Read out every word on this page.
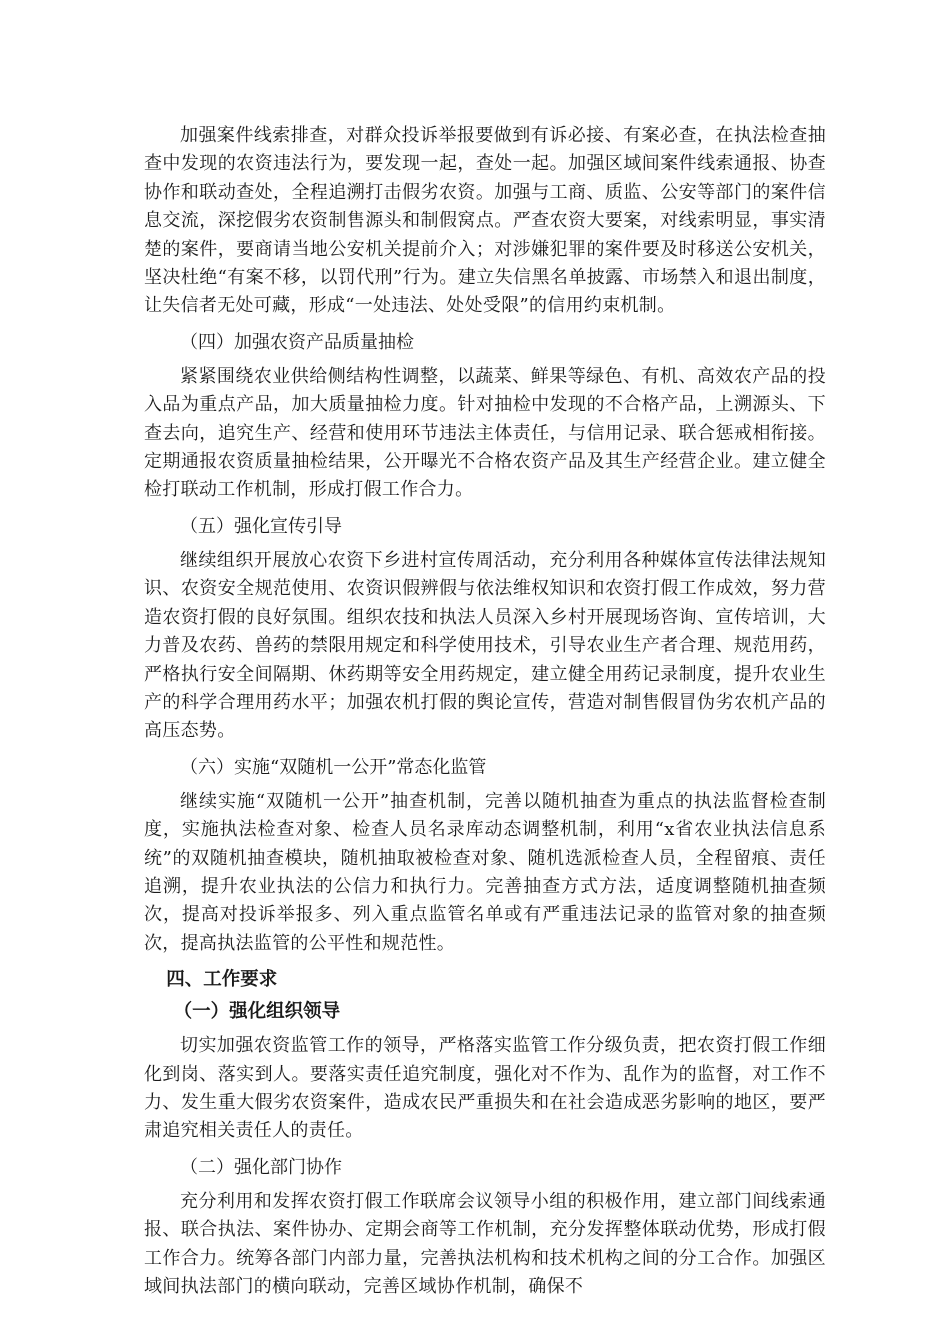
加强案件线索排查，对群众投诉举报要做到有诉必接、有案必查，在执法检查抽查中发现的农资违法行为，要发现一起，查处一起。加强区域间案件线索通报、协查协作和联动查处，全程追溯打击假劣农资。加强与工商、质监、公安等部门的案件信息交流，深挖假劣农资制售源头和制假窝点。严查农资大要案，对线索明显，事实清楚的案件，要商请当地公安机关提前介入；对涉嫌犯罪的案件要及时移送公安机关，坚决杜绝“有案不移，以罚代刑”行为。建立失信黑名单披露、市场禁入和退出制度，让失信者无处可藏，形成“一处违法、处处受限”的信用约束机制。

（四）加强农资产品质量抽检

紧紧围绕农业供给侧结构性调整，以蔬菜、鲜果等绿色、有机、高效农产品的投入品为重点产品，加大质量抽检力度。针对抽检中发现的不合格产品，上溯源头、下查去向，追究生产、经营和使用环节违法主体责任，与信用记录、联合惩戒相衔接。定期通报农资质量抽检结果，公开曝光不合格农资产品及其生产经营企业。建立健全检打联动工作机制，形成打假工作合力。

（五）强化宣传引导

继续组织开展放心农资下乡进村宣传周活动，充分利用各种媒体宣传法律法规知识、农资安全规范使用、农资识假辨假与依法维权知识和农资打假工作成效，努力营造农资打假的良好氛围。组织农技和执法人员深入乡村开展现场咨询、宣传培训，大力普及农药、兽药的禁限用规定和科学使用技术，引导农业生产者合理、规范用药，严格执行安全间隔期、休药期等安全用药规定，建立健全用药记录制度，提升农业生产的科学合理用药水平；加强农机打假的舆论宣传，营造对制售假冒伪劣农机产品的高压态势。

（六）实施“双随机一公开”常态化监管

继续实施“双随机一公开”抽查机制，完善以随机抽查为重点的执法监督检查制度，实施执法检查对象、检查人员名录库动态调整机制，利用“x省农业执法信息系统”的双随机抽查模块，随机抽取被检查对象、随机选派检查人员，全程留痕、责任追溯，提升农业执法的公信力和执行力。完善抽查方式方法，适度调整随机抽查频次，提高对投诉举报多、列入重点监管名单或有严重违法记录的监管对象的抽查频次，提高执法监管的公平性和规范性。

四、工作要求

（一）强化组织领导

切实加强农资监管工作的领导，严格落实监管工作分级负责，把农资打假工作细化到岗、落实到人。要落实责任追究制度，强化对不作为、乱作为的监督，对工作不力、发生重大假劣农资案件，造成农民严重损失和在社会造成恶劣影响的地区，要严肃追究相关责任人的责任。

（二）强化部门协作

充分利用和发挥农资打假工作联席会议领导小组的积极作用，建立部门间线索通报、联合执法、案件协办、定期会商等工作机制，充分发挥整体联动优势，形成打假工作合力。统筹各部门内部力量，完善执法机构和技术机构之间的分工合作。加强区域间执法部门的横向联动，完善区域协作机制，确保不
